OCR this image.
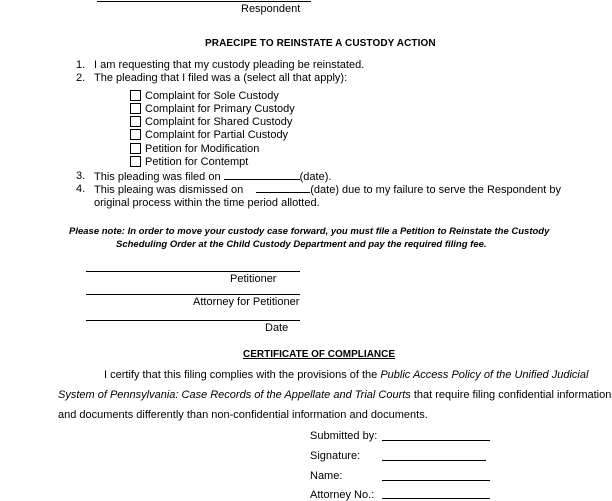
Respondent
PRAECIPE TO REINSTATE A CUSTODY ACTION
1. I am requesting that my custody pleading be reinstated.
2. The pleading that I filed was a (select all that apply):
Complaint for Sole Custody
Complaint for Primary Custody
Complaint for Shared Custody
Complaint for Partial Custody
Petition for Modification
Petition for Contempt
3. This pleading was filed on	(date).
4. This pleaing was dismissed on	(date) due to my failure to serve the Respondent by
original process within the time period allotted.
Please note: In order to move your custody case forward, you must file a Petition to Reinstate the Custody
Scheduling Order at the Child Custody Department and pay the required filing fee.
Petitioner
Attorney for Petitioner
Date
CERTIFICATE OF COMPLIANCE
I certify that this filing complies with the provisions of the Public Access Policy of the Unified Judicial
System of Pennsylvania: Case Records of the Appellate and Trial Courts that require filing confidential information
and documents differently than non-confidential information and documents.
Submitted by:
Signature:
Name:
Attorney No.:
